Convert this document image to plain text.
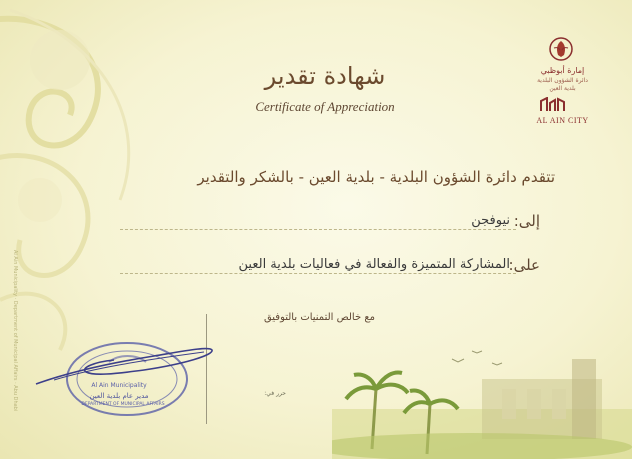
Al Ain Municipality · Department of Municipal Affairs · Abu Dhabi
شهادة تقدير
Certificate of Appreciation
إمارة أبوظبي
دائرة الشؤون البلدية
بلدية العين
AL AIN CITY
تتقدم دائرة الشؤون البلدية - بلدية العين - بالشكر والتقدير
إلى:
نيوفجن
على:
المشاركة المتميزة والفعالة في فعاليات بلدية العين
مع خالص التمنيات بالتوفيق
حرر في:
Al Ain Municipality
مدير عام بلدية العين
DEPARTMENT OF MUNICIPAL AFFAIRS
